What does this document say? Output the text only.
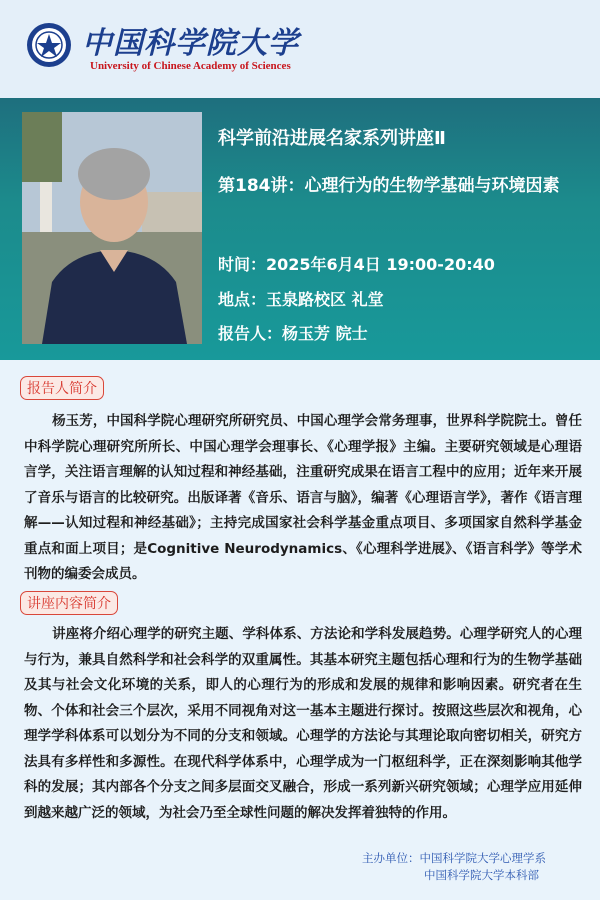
中国科学院大学
University of Chinese Academy of Sciences
科学前沿进展名家系列讲座Ⅱ
第184讲：心理行为的生物学基础与环境因素
时间：2025年6月4日 19:00-20:40
地点：玉泉路校区 礼堂
报告人：杨玉芳 院士
报告人简介
杨玉芳，中国科学院心理研究所研究员、中国心理学会常务理事，世界科学院院士。曾任中科学院心理研究所所长、中国心理学会理事长、《心理学报》主编。主要研究领域是心理语言学，关注语言理解的认知过程和神经基础，注重研究成果在语言工程中的应用；近年来开展了音乐与语言的比较研究。出版译著《音乐、语言与脑》，编著《心理语言学》，著作《语言理解——认知过程和神经基础》；主持完成国家社会科学基金重点项目、多项国家自然科学基金重点和面上项目；是Cognitive Neurodynamics、《心理科学进展》、《语言科学》等学术刊物的编委会成员。
讲座内容简介
讲座将介绍心理学的研究主题、学科体系、方法论和学科发展趋势。心理学研究人的心理与行为，兼具自然科学和社会科学的双重属性。其基本研究主题包括心理和行为的生物学基础及其与社会文化环境的关系，即人的心理行为的形成和发展的规律和影响因素。研究者在生物、个体和社会三个层次，采用不同视角对这一基本主题进行探讨。按照这些层次和视角，心理学学科体系可以划分为不同的分支和领域。心理学的方法论与其理论取向密切相关，研究方法具有多样性和多源性。在现代科学体系中，心理学成为一门枢纽科学，正在深刻影响其他学科的发展；其内部各个分支之间多层面交叉融合，形成一系列新兴研究领域；心理学应用延伸到越来越广泛的领域，为社会乃至全球性问题的解决发挥着独特的作用。
主办单位：中国科学院大学心理学系
中国科学院大学本科部
